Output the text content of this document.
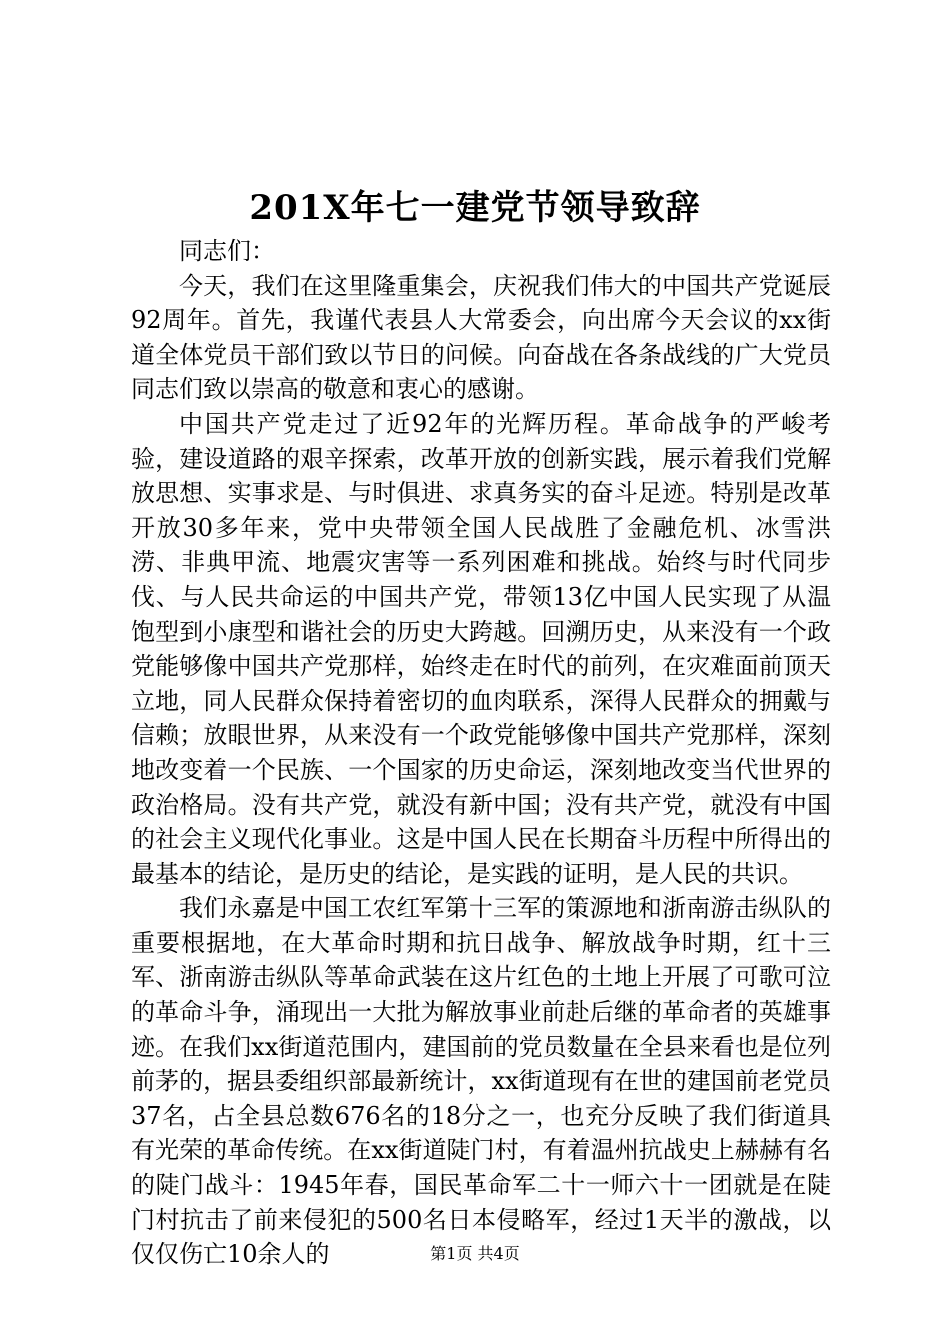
201X年七一建党节领导致辞

同志们：

今天，我们在这里隆重集会，庆祝我们伟大的中国共产党诞辰92周年。首先，我谨代表县人大常委会，向出席今天会议的xx街道全体党员干部们致以节日的问候。向奋战在各条战线的广大党员同志们致以崇高的敬意和衷心的感谢。

中国共产党走过了近92年的光辉历程。革命战争的严峻考验，建设道路的艰辛探索，改革开放的创新实践，展示着我们党解放思想、实事求是、与时俱进、求真务实的奋斗足迹。特别是改革开放30多年来，党中央带领全国人民战胜了金融危机、冰雪洪涝、非典甲流、地震灾害等一系列困难和挑战。始终与时代同步伐、与人民共命运的中国共产党，带领13亿中国人民实现了从温饱型到小康型和谐社会的历史大跨越。回溯历史，从来没有一个政党能够像中国共产党那样，始终走在时代的前列，在灾难面前顶天立地，同人民群众保持着密切的血肉联系，深得人民群众的拥戴与信赖；放眼世界，从来没有一个政党能够像中国共产党那样，深刻地改变着一个民族、一个国家的历史命运，深刻地改变当代世界的政治格局。没有共产党，就没有新中国；没有共产党，就没有中国的社会主义现代化事业。这是中国人民在长期奋斗历程中所得出的最基本的结论，是历史的结论，是实践的证明，是人民的共识。

我们永嘉是中国工农红军第十三军的策源地和浙南游击纵队的重要根据地，在大革命时期和抗日战争、解放战争时期，红十三军、浙南游击纵队等革命武装在这片红色的土地上开展了可歌可泣的革命斗争，涌现出一大批为解放事业前赴后继的革命者的英雄事迹。在我们xx街道范围内，建国前的党员数量在全县来看也是位列前茅的，据县委组织部最新统计，xx街道现有在世的建国前老党员37名，占全县总数676名的18分之一，也充分反映了我们街道具有光荣的革命传统。在xx街道陡门村，有着温州抗战史上赫赫有名的陡门战斗：1945年春，国民革命军二十一师六十一团就是在陡门村抗击了前来侵犯的500名日本侵略军，经过1天半的激战，以仅仅伤亡10余人的	第1页 共4页
